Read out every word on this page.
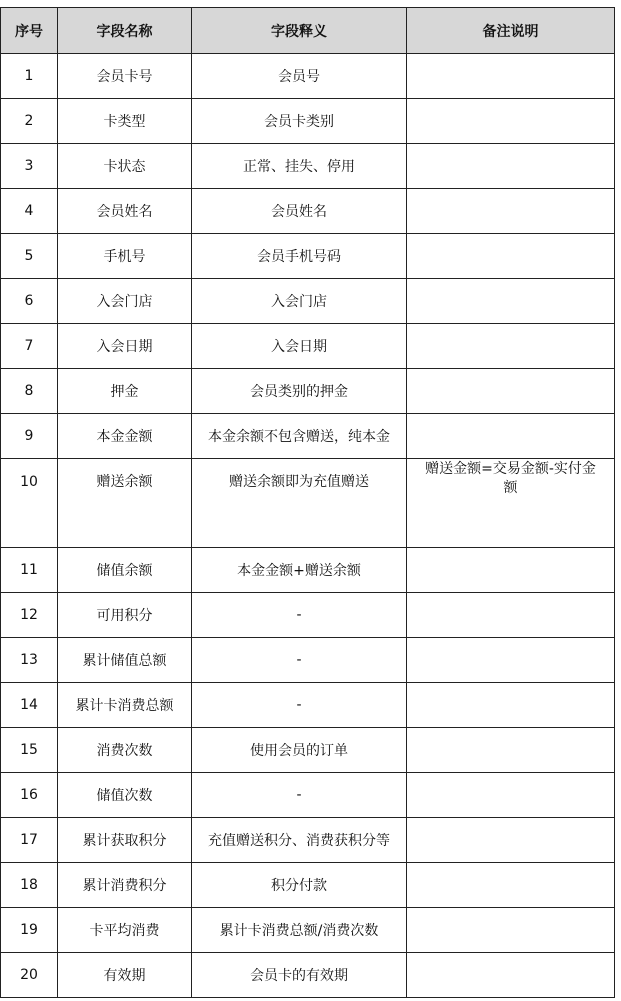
序号	字段名称	字段释义	备注说明
1	会员卡号	会员号	
2	卡类型	会员卡类别	
3	卡状态	正常、挂失、停用	
4	会员姓名	会员姓名	
5	手机号	会员手机号码	
6	入会门店	入会门店	
7	入会日期	入会日期	
8	押金	会员类别的押金	
9	本金金额	本金余额不包含赠送，纯本金	
10	赠送余额	赠送余额即为充值赠送	赠送金额=交易金额-实付金
额

11	储值余额	本金金额+赠送余额	
12	可用积分	-	
13	累计储值总额	-	
14	累计卡消费总额	-	
15	消费次数	使用会员的订单	
16	储值次数	-	
17	累计获取积分	充值赠送积分、消费获积分等	
18	累计消费积分	积分付款	
19	卡平均消费	累计卡消费总额/消费次数	
20	有效期	会员卡的有效期	
